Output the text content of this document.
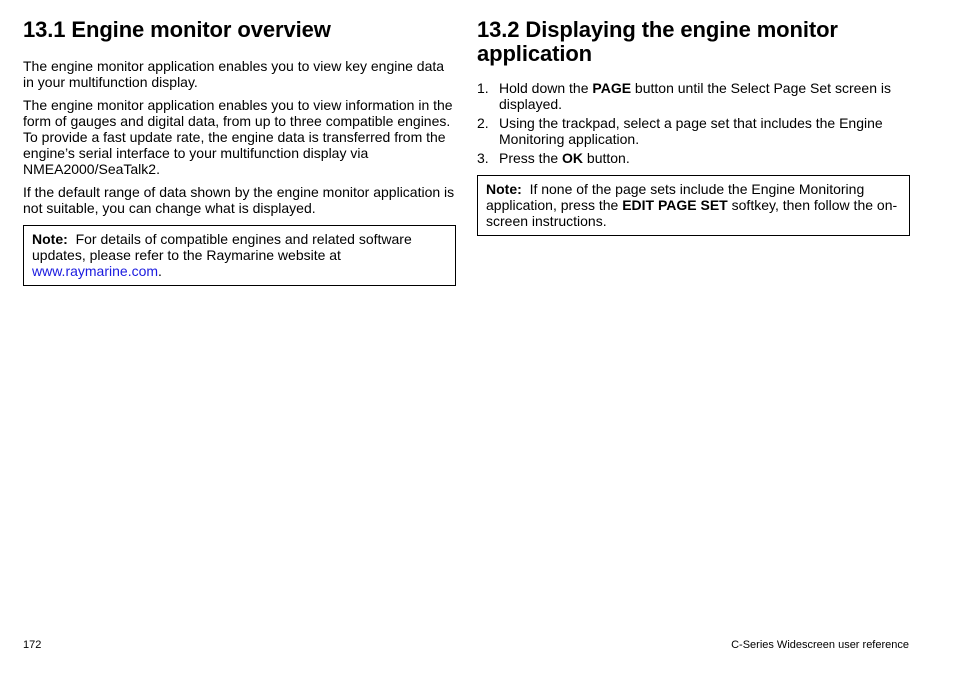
13.1 Engine monitor overview

The engine monitor application enables you to view key engine data in your multifunction display.

The engine monitor application enables you to view information in the form of gauges and digital data, from up to three compatible engines. To provide a fast update rate, the engine data is transferred from the engine’s serial interface to your multifunction display via NMEA2000/SeaTalk2.

If the default range of data shown by the engine monitor application is not suitable, you can change what is displayed.

Note: For details of compatible engines and related software updates, please refer to the Raymarine website at www.raymarine.com.
13.2 Displaying the engine monitor application
1. Hold down the PAGE button until the Select Page Set screen is displayed.
2. Using the trackpad, select a page set that includes the Engine Monitoring application.
3. Press the OK button.
Note: If none of the page sets include the Engine Monitoring application, press the EDIT PAGE SET softkey, then follow the on-screen instructions.
172	C-Series Widescreen user reference
